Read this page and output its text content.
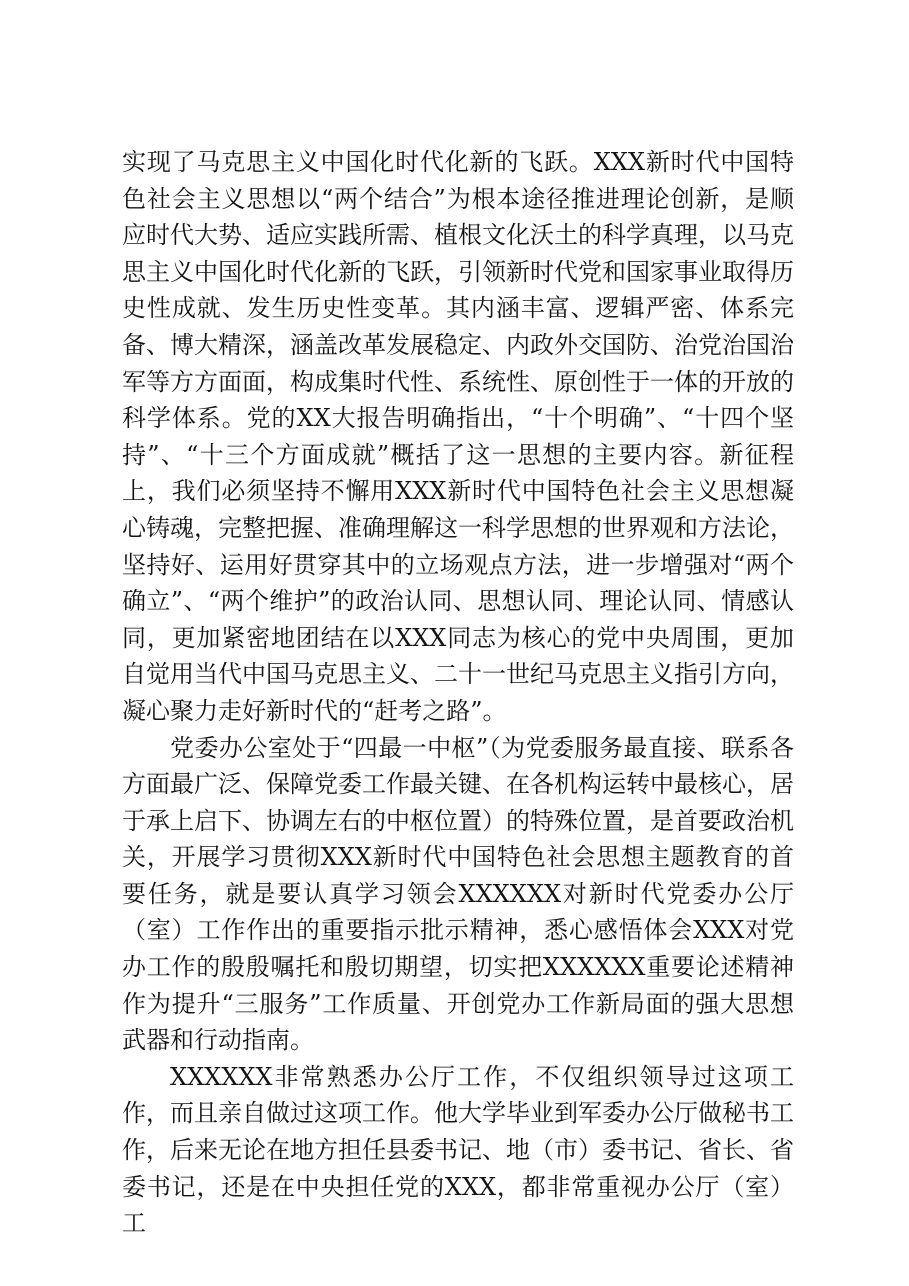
实现了马克思主义中国化时代化新的飞跃。XXX新时代中国特色社会主义思想以“两个结合”为根本途径推进理论创新，是顺应时代大势、适应实践所需、植根文化沃土的科学真理，以马克思主义中国化时代化新的飞跃，引领新时代党和国家事业取得历史性成就、发生历史性变革。其内涵丰富、逻辑严密、体系完备、博大精深，涵盖改革发展稳定、内政外交国防、治党治国治军等方方面面，构成集时代性、系统性、原创性于一体的开放的科学体系。党的XX大报告明确指出，“十个明确”、“十四个坚持”、“十三个方面成就”概括了这一思想的主要内容。新征程上，我们必须坚持不懈用XXX新时代中国特色社会主义思想凝心铸魂，完整把握、准确理解这一科学思想的世界观和方法论，坚持好、运用好贯穿其中的立场观点方法，进一步增强对“两个确立”、“两个维护”的政治认同、思想认同、理论认同、情感认同，更加紧密地团结在以XXX同志为核心的党中央周围，更加自觉用当代中国马克思主义、二十一世纪马克思主义指引方向，凝心聚力走好新时代的“赶考之路”。

党委办公室处于“四最一中枢”（为党委服务最直接、联系各方面最广泛、保障党委工作最关键、在各机构运转中最核心，居于承上启下、协调左右的中枢位置）的特殊位置，是首要政治机关，开展学习贯彻XXX新时代中国特色社会思想主题教育的首要任务，就是要认真学习领会XXXXXX对新时代党委办公厅（室）工作作出的重要指示批示精神，悉心感悟体会XXX对党办工作的殷殷嘱托和殷切期望，切实把XXXXXX重要论述精神作为提升“三服务”工作质量、开创党办工作新局面的强大思想武器和行动指南。

XXXXXX非常熟悉办公厅工作，不仅组织领导过这项工作，而且亲自做过这项工作。他大学毕业到军委办公厅做秘书工作，后来无论在地方担任县委书记、地（市）委书记、省长、省委书记，还是在中央担任党的XXX，都非常重视办公厅（室）工
